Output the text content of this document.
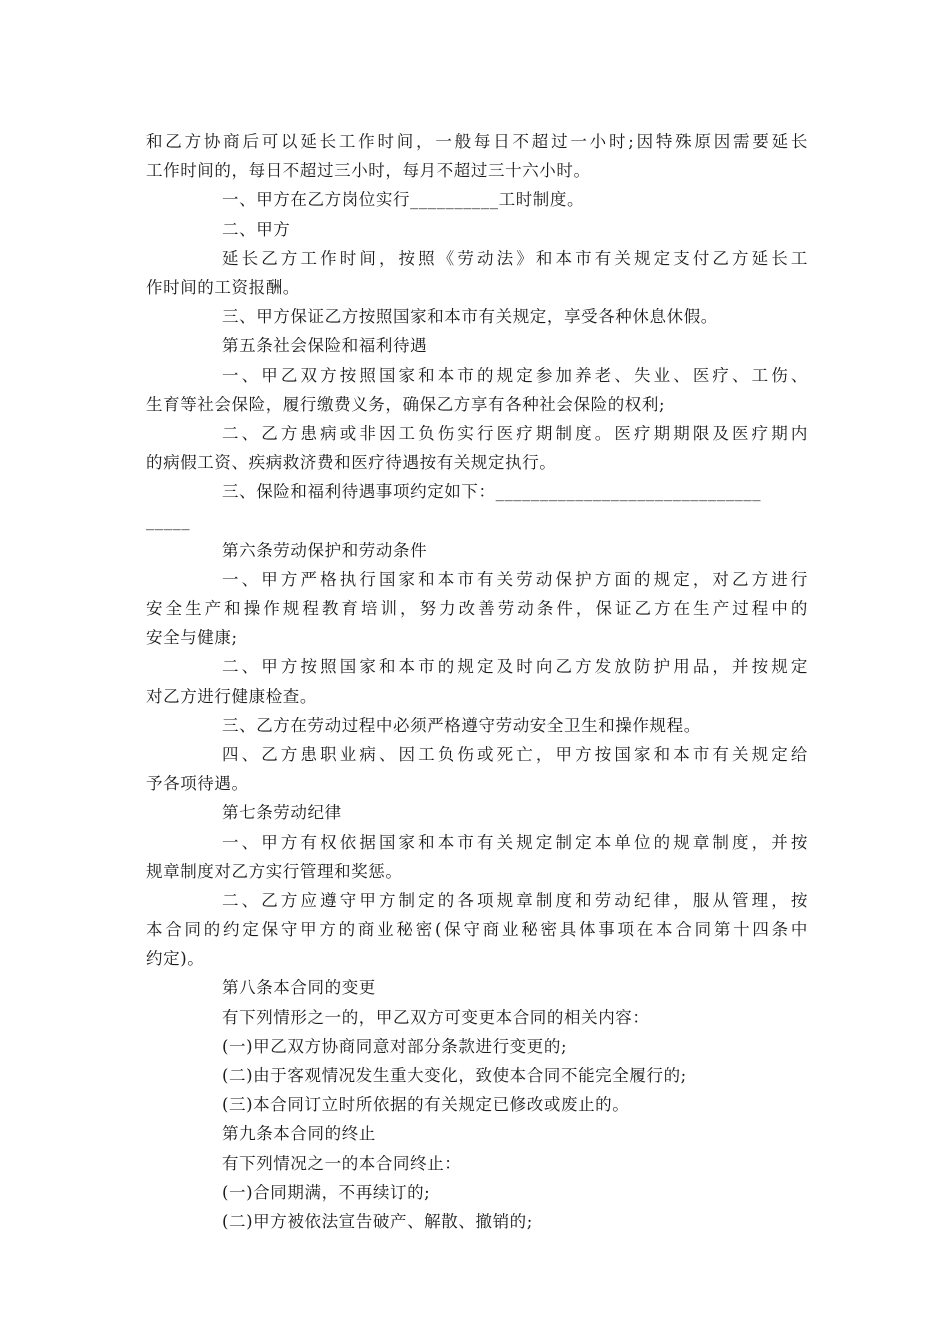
和乙方协商后可以延长工作时间，一般每日不超过一小时;因特殊原因需要延长
工作时间的，每日不超过三小时，每月不超过三十六小时。
一、甲方在乙方岗位实行__________工时制度。
二、甲方
延长乙方工作时间，按照《劳动法》和本市有关规定支付乙方延长工
作时间的工资报酬。
三、甲方保证乙方按照国家和本市有关规定，享受各种休息休假。
第五条社会保险和福利待遇
一、甲乙双方按照国家和本市的规定参加养老、失业、医疗、工伤、
生育等社会保险，履行缴费义务，确保乙方享有各种社会保险的权利;
二、乙方患病或非因工负伤实行医疗期制度。医疗期期限及医疗期内
的病假工资、疾病救济费和医疗待遇按有关规定执行。
三、保险和福利待遇事项约定如下：______________________________
_____
第六条劳动保护和劳动条件
一、甲方严格执行国家和本市有关劳动保护方面的规定，对乙方进行
安全生产和操作规程教育培训，努力改善劳动条件，保证乙方在生产过程中的
安全与健康;
二、甲方按照国家和本市的规定及时向乙方发放防护用品，并按规定
对乙方进行健康检查。
三、乙方在劳动过程中必须严格遵守劳动安全卫生和操作规程。
四、乙方患职业病、因工负伤或死亡，甲方按国家和本市有关规定给
予各项待遇。
第七条劳动纪律
一、甲方有权依据国家和本市有关规定制定本单位的规章制度，并按
规章制度对乙方实行管理和奖惩。
二、乙方应遵守甲方制定的各项规章制度和劳动纪律，服从管理，按
本合同的约定保守甲方的商业秘密(保守商业秘密具体事项在本合同第十四条中
约定)。
第八条本合同的变更
有下列情形之一的，甲乙双方可变更本合同的相关内容：
(一)甲乙双方协商同意对部分条款进行变更的;
(二)由于客观情况发生重大变化，致使本合同不能完全履行的;
(三)本合同订立时所依据的有关规定已修改或废止的。
第九条本合同的终止
有下列情况之一的本合同终止：
(一)合同期满，不再续订的;
(二)甲方被依法宣告破产、解散、撤销的;
